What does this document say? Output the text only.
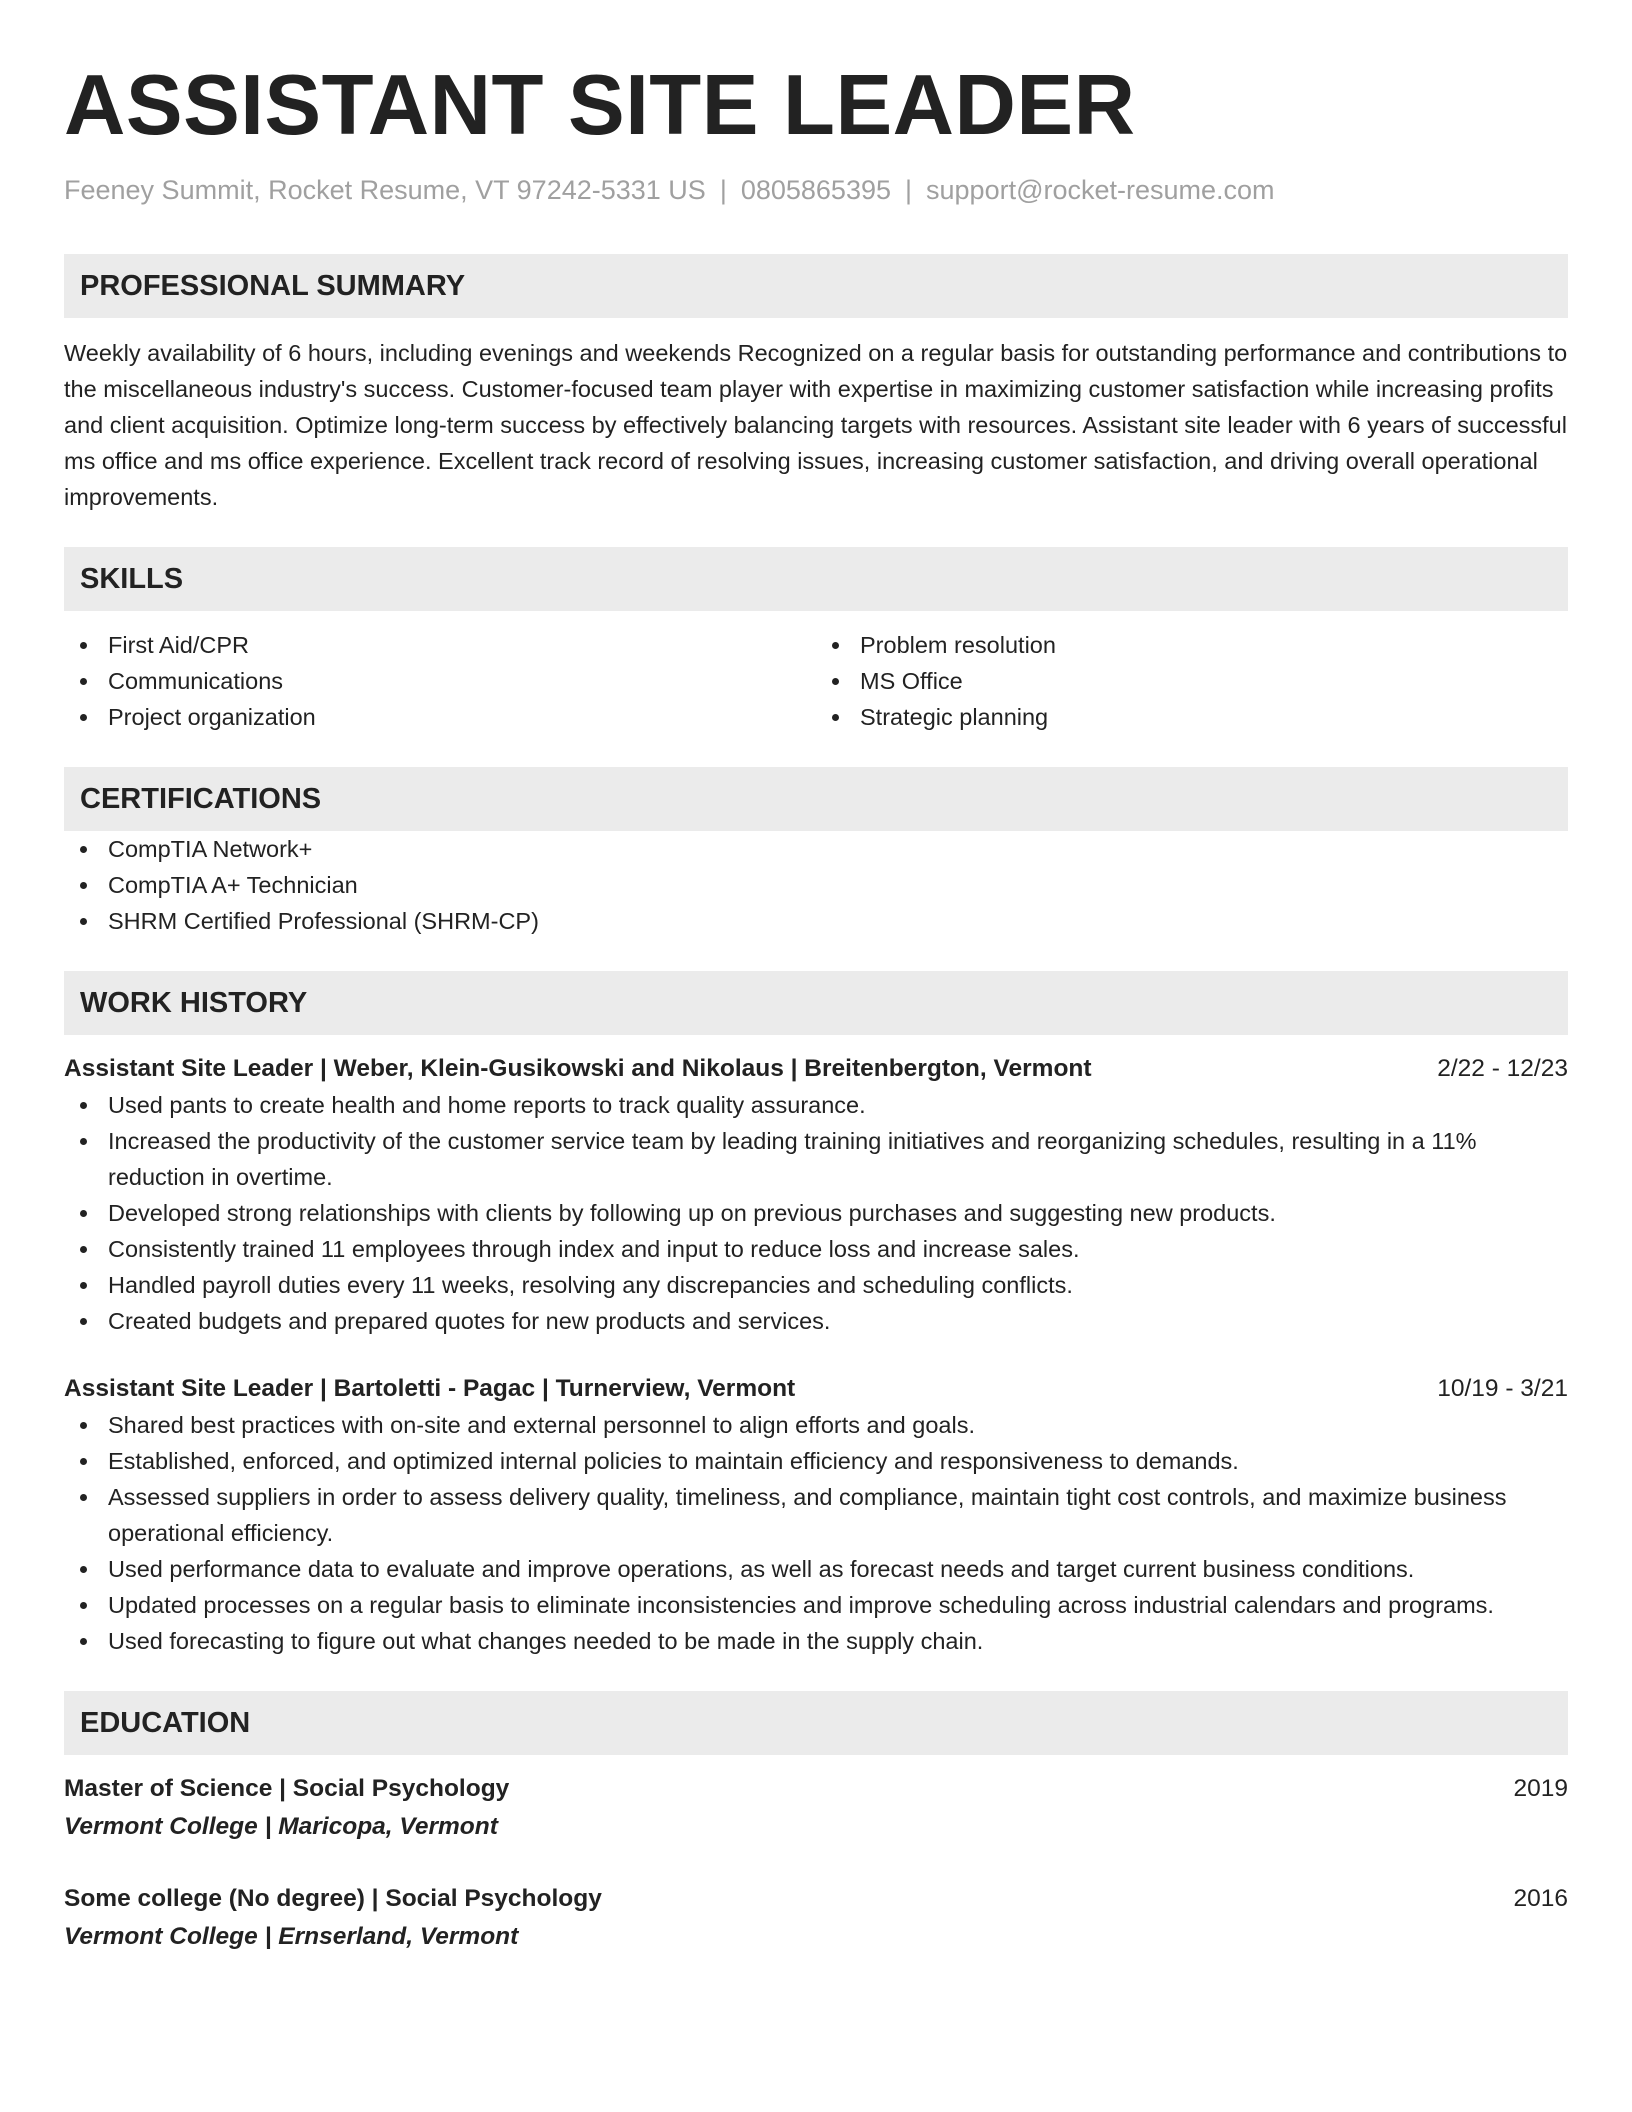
ASSISTANT SITE LEADER
Feeney Summit, Rocket Resume, VT 97242-5331 US | 0805865395 | support@rocket-resume.com
PROFESSIONAL SUMMARY
Weekly availability of 6 hours, including evenings and weekends Recognized on a regular basis for outstanding performance and contributions to the miscellaneous industry's success. Customer-focused team player with expertise in maximizing customer satisfaction while increasing profits and client acquisition. Optimize long-term success by effectively balancing targets with resources. Assistant site leader with 6 years of successful ms office and ms office experience. Excellent track record of resolving issues, increasing customer satisfaction, and driving overall operational improvements.
SKILLS
First Aid/CPR
Communications
Project organization
Problem resolution
MS Office
Strategic planning
CERTIFICATIONS
CompTIA Network+
CompTIA A+ Technician
SHRM Certified Professional (SHRM-CP)
WORK HISTORY
Assistant Site Leader | Weber, Klein-Gusikowski and Nikolaus | Breitenbergton, Vermont	2/22 - 12/23
Used pants to create health and home reports to track quality assurance.
Increased the productivity of the customer service team by leading training initiatives and reorganizing schedules, resulting in a 11% reduction in overtime.
Developed strong relationships with clients by following up on previous purchases and suggesting new products.
Consistently trained 11 employees through index and input to reduce loss and increase sales.
Handled payroll duties every 11 weeks, resolving any discrepancies and scheduling conflicts.
Created budgets and prepared quotes for new products and services.
Assistant Site Leader | Bartoletti - Pagac | Turnerview, Vermont	10/19 - 3/21
Shared best practices with on-site and external personnel to align efforts and goals.
Established, enforced, and optimized internal policies to maintain efficiency and responsiveness to demands.
Assessed suppliers in order to assess delivery quality, timeliness, and compliance, maintain tight cost controls, and maximize business operational efficiency.
Used performance data to evaluate and improve operations, as well as forecast needs and target current business conditions.
Updated processes on a regular basis to eliminate inconsistencies and improve scheduling across industrial calendars and programs.
Used forecasting to figure out what changes needed to be made in the supply chain.
EDUCATION
Master of Science | Social Psychology	2019
Vermont College | Maricopa, Vermont
Some college (No degree) | Social Psychology	2016
Vermont College | Ernserland, Vermont
